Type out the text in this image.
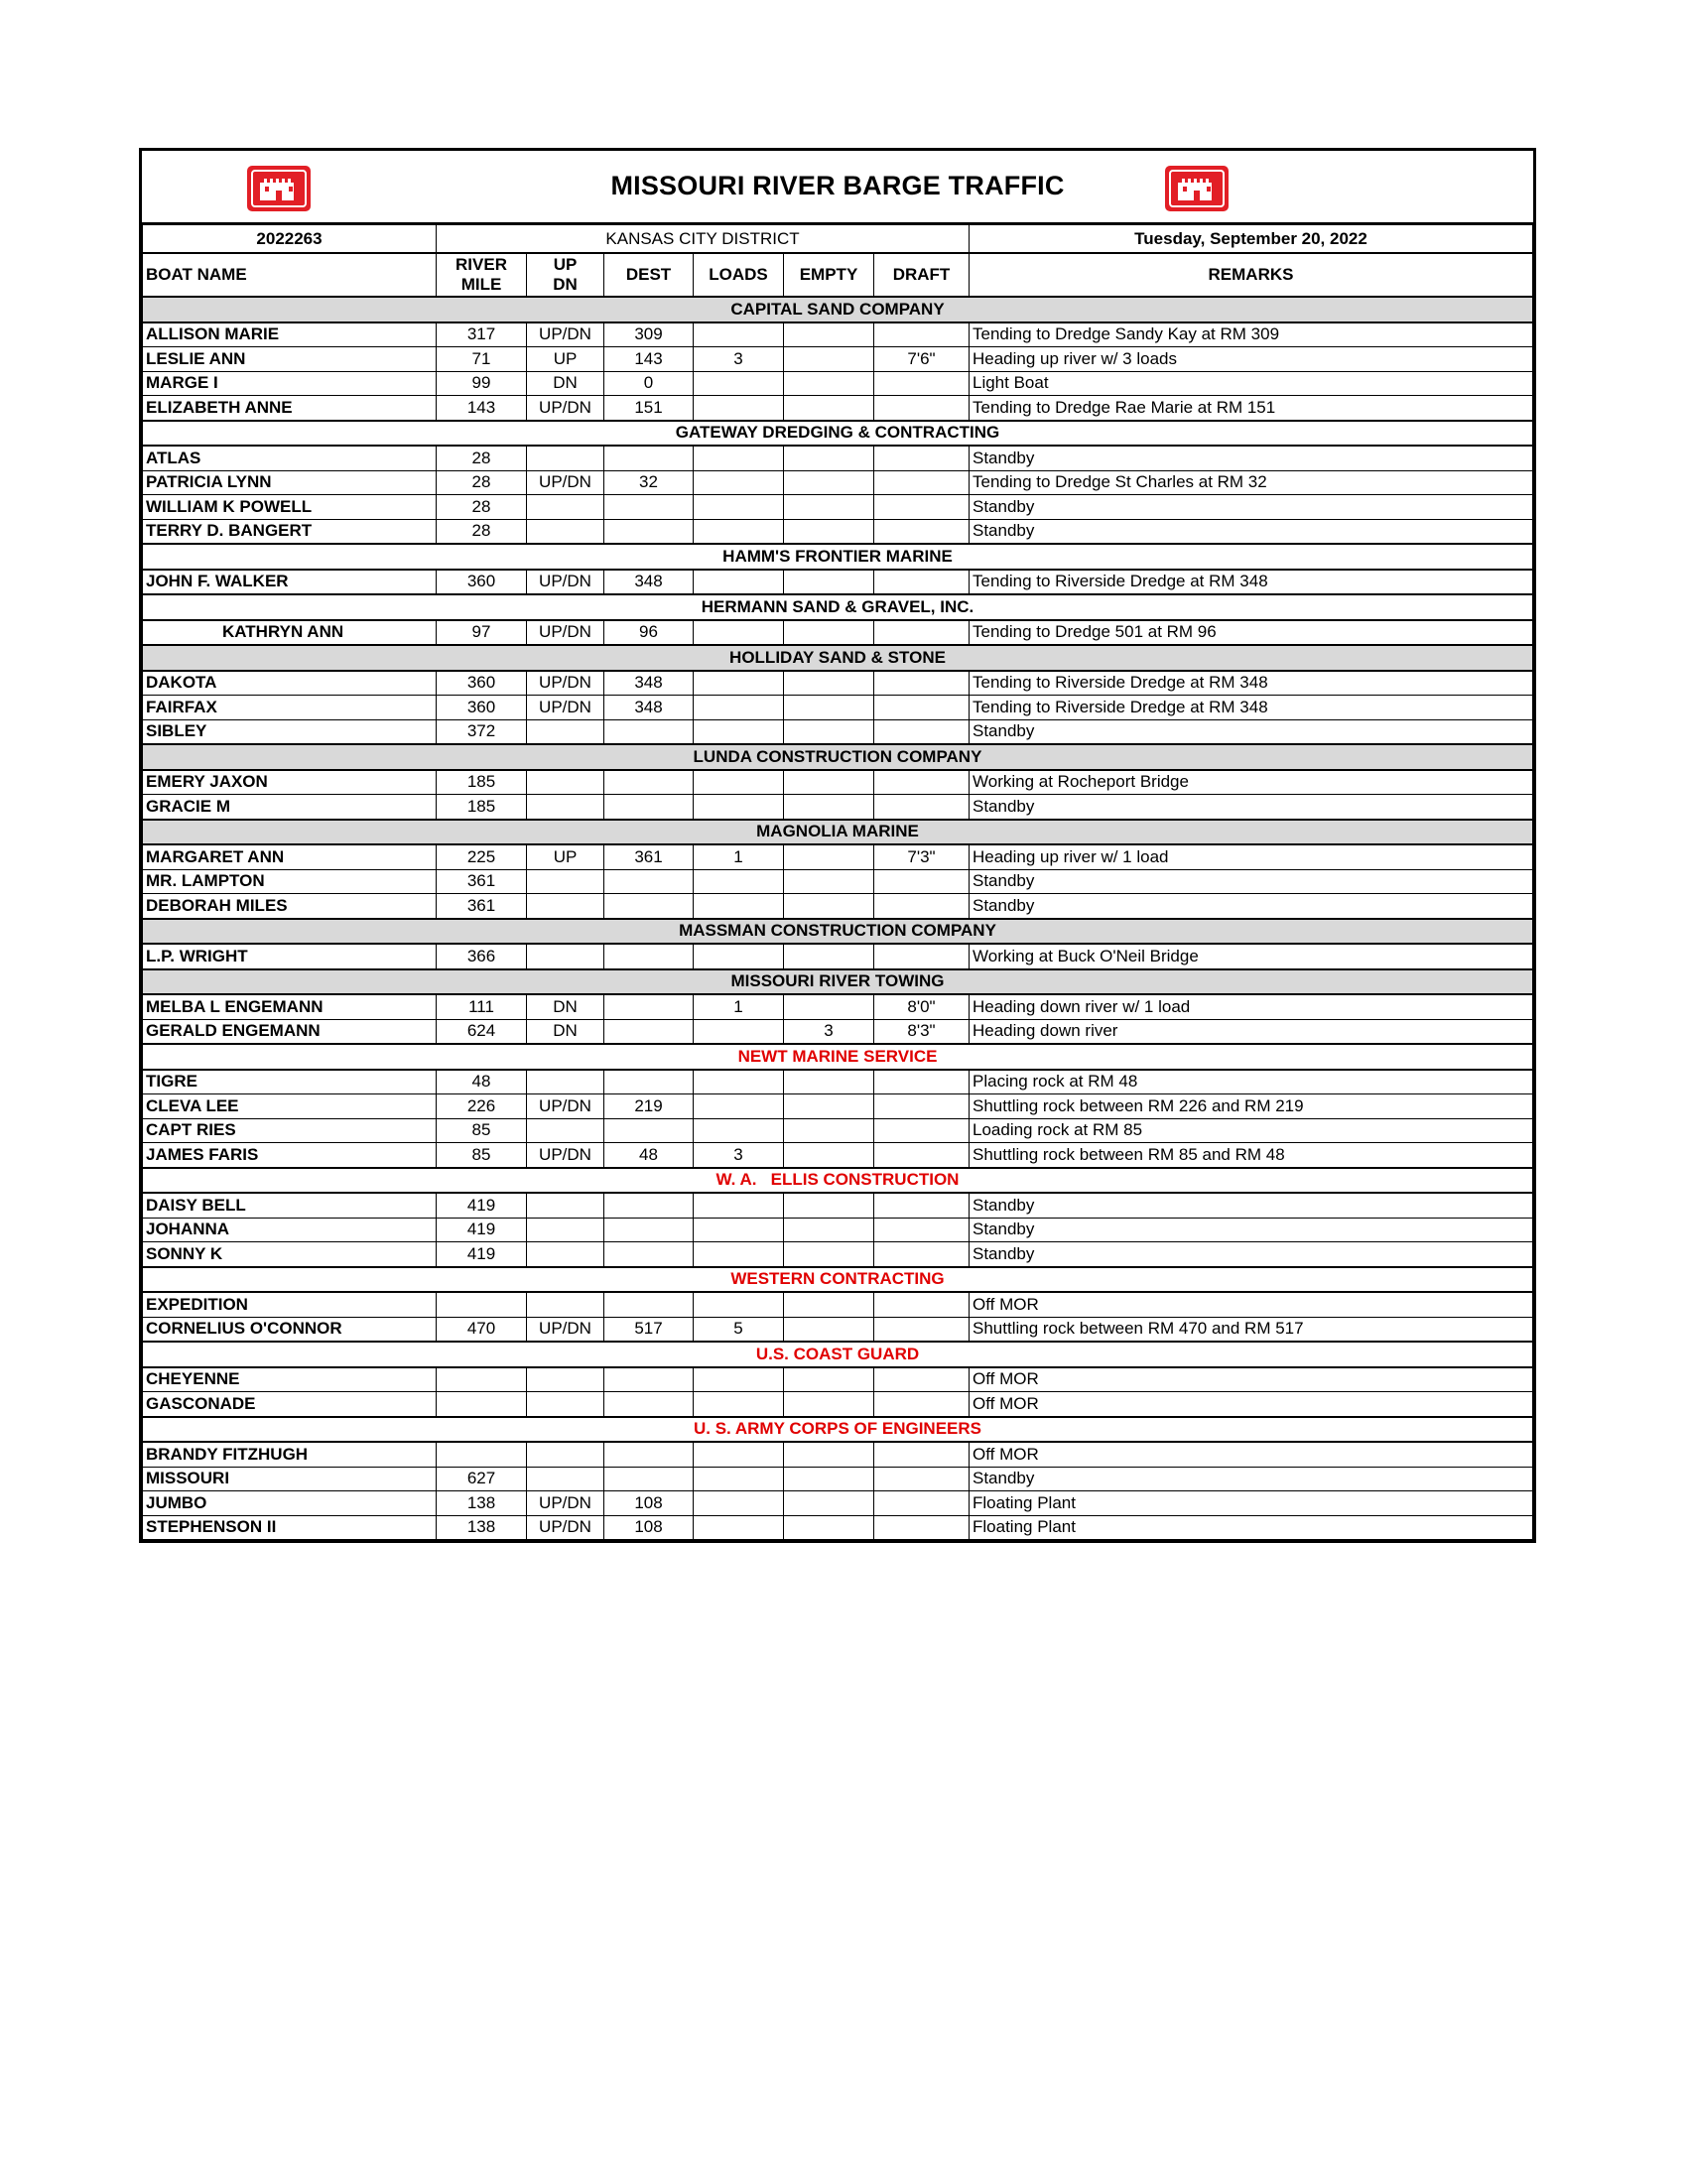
MISSOURI RIVER BARGE TRAFFIC
2022263	KANSAS CITY DISTRICT						Tuesday, September 20, 2022
BOAT NAME	RIVER
MILE	UP
DN	DEST	LOADS	EMPTY	DRAFT	REMARKS
CAPITAL SAND COMPANY							
ALLISON MARIE	317	UP/DN	309				Tending to Dredge Sandy Kay at RM 309
LESLIE ANN	71	UP	143	3		7'6"	Heading up river w/ 3 loads
MARGE I	99	DN	0				Light Boat
ELIZABETH ANNE	143	UP/DN	151				Tending to Dredge Rae Marie at RM 151
GATEWAY DREDGING & CONTRACTING							
ATLAS	28						Standby
PATRICIA LYNN	28	UP/DN	32				Tending to Dredge St Charles at RM 32
WILLIAM K POWELL	28						Standby
TERRY D. BANGERT	28						Standby
HAMM'S FRONTIER MARINE							
JOHN F. WALKER	360	UP/DN	348				Tending to Riverside Dredge at RM 348
HERMANN SAND & GRAVEL, INC.							
KATHRYN ANN	97	UP/DN	96				Tending to Dredge 501 at RM 96
HOLLIDAY SAND & STONE							
DAKOTA	360	UP/DN	348				Tending to Riverside Dredge at RM 348
FAIRFAX	360	UP/DN	348				Tending to Riverside Dredge at RM 348
SIBLEY	372						Standby
LUNDA CONSTRUCTION COMPANY							
EMERY JAXON	185						Working at Rocheport Bridge
GRACIE M	185						Standby
MAGNOLIA MARINE							
MARGARET ANN	225	UP	361	1		7'3"	Heading up river w/ 1 load
MR. LAMPTON	361						Standby
DEBORAH MILES	361						Standby
MASSMAN CONSTRUCTION COMPANY							
L.P. WRIGHT	366						Working at Buck O'Neil Bridge
MISSOURI RIVER TOWING							
MELBA L ENGEMANN	111	DN		1		8'0"	Heading down river w/ 1 load
GERALD ENGEMANN	624	DN			3	8'3"	Heading down river
NEWT MARINE SERVICE							
TIGRE	48						Placing rock at RM 48
CLEVA LEE	226	UP/DN	219				Shuttling rock between RM 226 and RM 219
CAPT RIES	85						Loading rock at RM 85
JAMES FARIS	85	UP/DN	48	3			Shuttling rock between RM 85 and RM 48
W. A.   ELLIS CONSTRUCTION							
DAISY BELL	419						Standby
JOHANNA	419						Standby
SONNY K	419						Standby
WESTERN CONTRACTING							
EXPEDITION							Off MOR
CORNELIUS O'CONNOR	470	UP/DN	517	5			Shuttling rock between RM 470 and RM 517
U.S. COAST GUARD							
CHEYENNE							Off MOR
GASCONADE							Off MOR
U. S. ARMY CORPS OF ENGINEERS							
BRANDY FITZHUGH							Off MOR
MISSOURI	627						Standby
JUMBO	138	UP/DN	108				Floating Plant
STEPHENSON II	138	UP/DN	108				Floating Plant
